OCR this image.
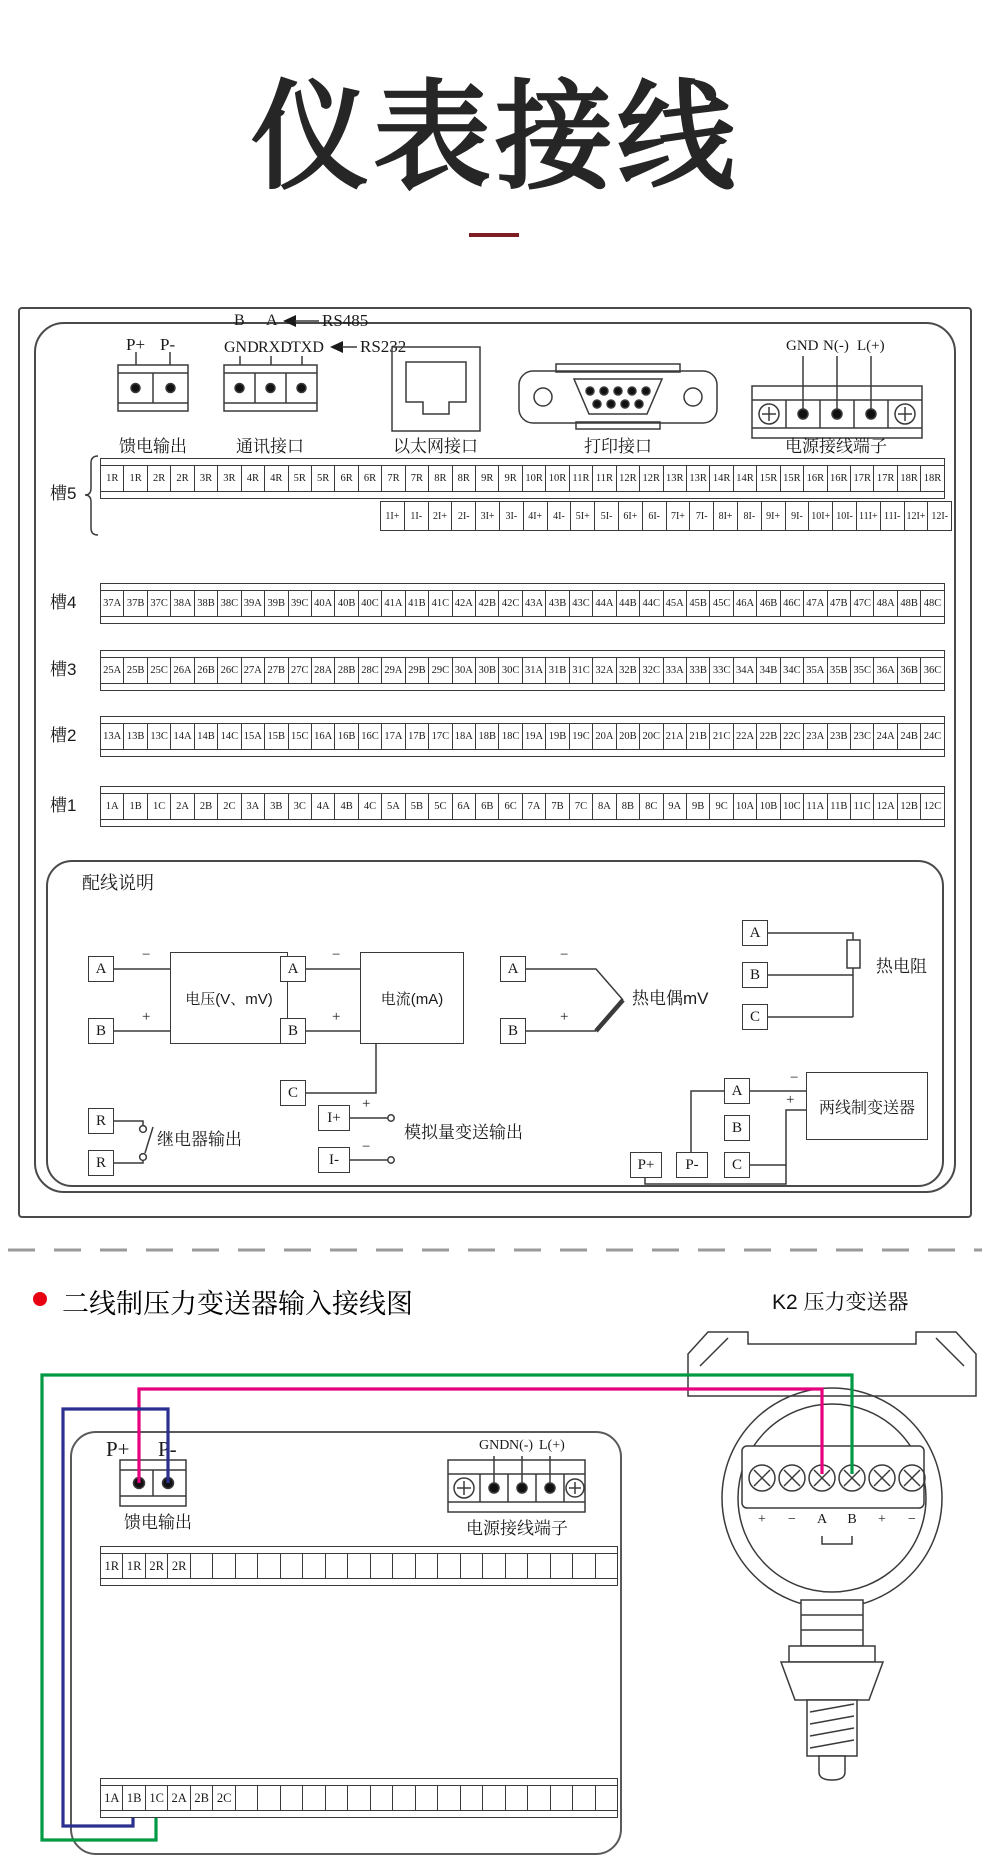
仪表接线
P+ P-
B A	RS485
GND RXD TXD RS232	GND N(-) L(+)
馈电输出	通讯接口	以太网接口	打印接口	电源接线端子
槽5
槽4
槽3
槽2
槽1
1R	1R	2R	2R	3R	3R	4R	4R	5R	5R	6R	6R	7R	7R	8R	8R	9R	9R 10R 10R 11R 11R 12R 12R 13R 13R 14R 14R 15R 15R 16R 16R 17R 17R 18R 18R
1I+	1I-	2I+	2I-	3I+	3I-	4I+	4I-	5I+	5I-	6I+	6I-	7I+	7I-	8I+	8I-	9I+	9I- 10I+ 10I- 11I+ 11I- 12I+ 12I-
37A 37B 37C 38A 38B 38C 39A 39B 39C 40A 40B 40C 41A 41B 41C 42A 42B 42C 43A 43B 43C 44A 44B 44C 45A 45B 45C 46A 46B 46C 47A 47B 47C 48A 48B 48C
25A 25B 25C 26A 26B 26C 27A 27B 27C 28A 28B 28C 29A 29B 29C 30A 30B 30C 31A 31B 31C 32A 32B 32C 33A 33B 33C 34A 34B 34C 35A 35B 35C 36A 36B 36C
13A 13B 13C 14A 14B 14C 15A 15B 15C 16A 16B 16C 17A 17B 17C 18A 18B 18C 19A 19B 19C 20A 20B 20C 21A 21B 21C 22A 22B 22C 23A 23B 23C 24A 24B 24C
1A	1B	1C	2A	2B	2C	3A	3B	3C	4A	4B	4C	5A	5B	5C	6A	6B	6C	7A	7B	7C	8A	8B	8C	9A	9B	9C 10A 10B 10C 11A 11B 11C 12A 12B 12C
配线说明
A
B
−
+
电压(V、mV)
A
B
C
−
+
电流(mA)
A
B
−
+
热电偶mV
A
B
C
热电阻
R
R
继电器输出
I+
I-
+
−
模拟量变送输出
P+	P-
A
B
C
−
+	两线制变送器
二线制压力变送器输入接线图	K2 压力变送器
P+ P-
馈电输出
GND N(-) L(+)
电源接线端子
1R 1R 2R 2R
1A 1B 1C 2A 2B 2C
+	−	A	B	+	−
